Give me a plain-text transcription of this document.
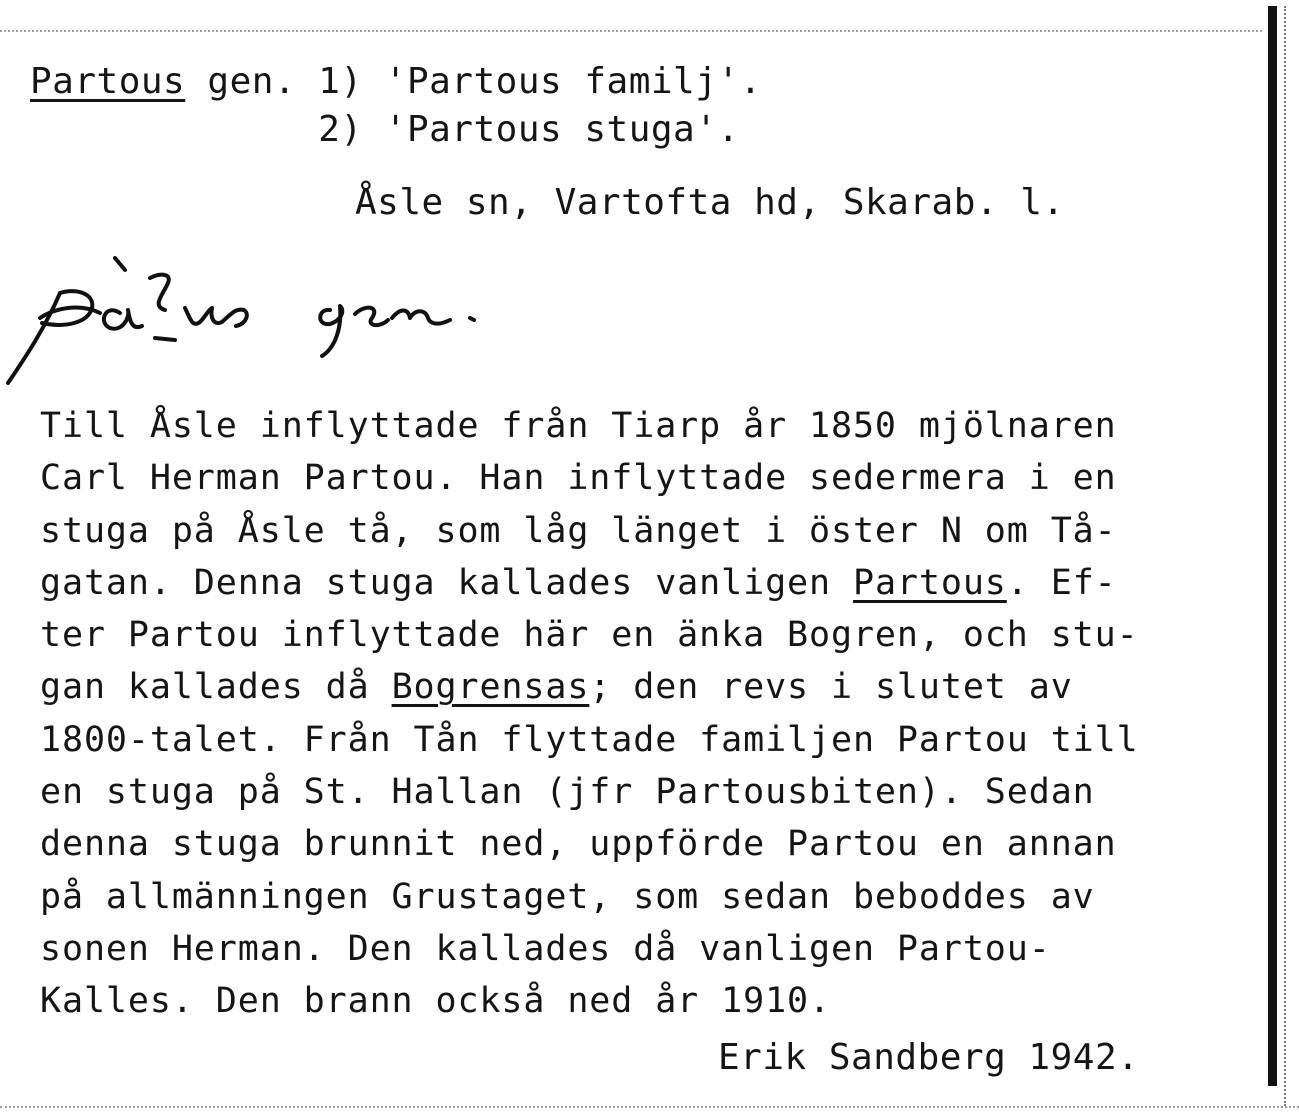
Partous gen. 1) 'Partous familj'.
2) 'Partous stuga'.
Åsle sn, Vartofta hd, Skarab. l.
Till Åsle inflyttade från Tiarp år 1850 mjölnaren
Carl Herman Partou. Han inflyttade sedermera i en
stuga på Åsle tå, som låg länget i öster N om Tå-
gatan. Denna stuga kallades vanligen Partous. Ef-
ter Partou inflyttade här en änka Bogren, och stu-
gan kallades då Bogrensas; den revs i slutet av
1800-talet. Från Tån flyttade familjen Partou till
en stuga på St. Hallan (jfr Partousbiten). Sedan
denna stuga brunnit ned, uppförde Partou en annan
på allmänningen Grustaget, som sedan beboddes av
sonen Herman. Den kallades då vanligen Partou-
Kalles. Den brann också ned år 1910.
Erik Sandberg 1942.
